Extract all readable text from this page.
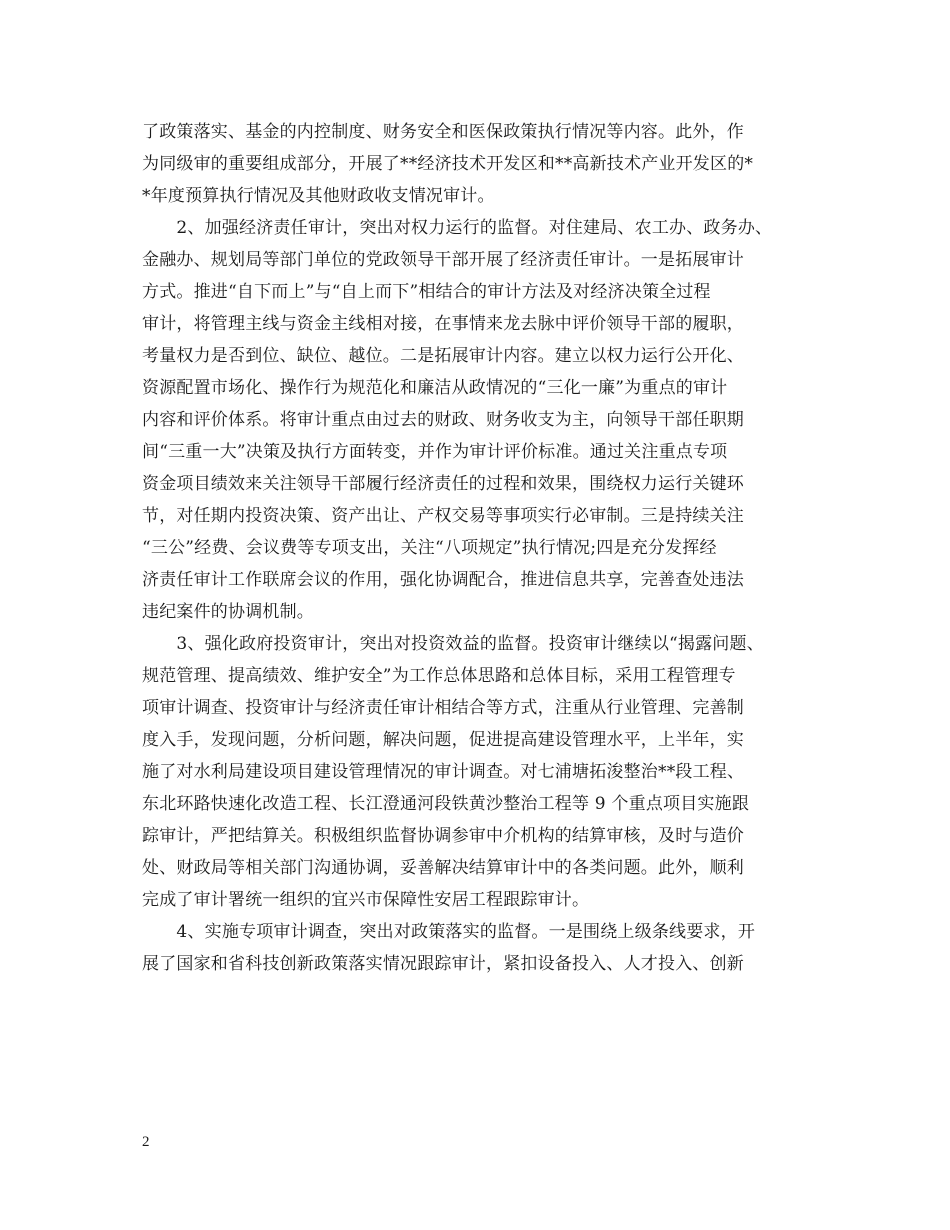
了政策落实、基金的内控制度、财务安全和医保政策执行情况等内容。此外，作
为同级审的重要组成部分，开展了**经济技术开发区和**高新技术产业开发区的*
*年度预算执行情况及其他财政收支情况审计。
　　2、加强经济责任审计，突出对权力运行的监督。对住建局、农工办、政务办、
金融办、规划局等部门单位的党政领导干部开展了经济责任审计。一是拓展审计
方式。推进“自下而上”与“自上而下”相结合的审计方法及对经济决策全过程
审计，将管理主线与资金主线相对接，在事情来龙去脉中评价领导干部的履职，
考量权力是否到位、缺位、越位。二是拓展审计内容。建立以权力运行公开化、
资源配置市场化、操作行为规范化和廉洁从政情况的“三化一廉”为重点的审计
内容和评价体系。将审计重点由过去的财政、财务收支为主，向领导干部任职期
间“三重一大”决策及执行方面转变，并作为审计评价标准。通过关注重点专项
资金项目绩效来关注领导干部履行经济责任的过程和效果，围绕权力运行关键环
节，对任期内投资决策、资产出让、产权交易等事项实行必审制。三是持续关注
“三公”经费、会议费等专项支出，关注“八项规定”执行情况;四是充分发挥经
济责任审计工作联席会议的作用，强化协调配合，推进信息共享，完善查处违法
违纪案件的协调机制。
　　3、强化政府投资审计，突出对投资效益的监督。投资审计继续以“揭露问题、
规范管理、提高绩效、维护安全”为工作总体思路和总体目标，采用工程管理专
项审计调查、投资审计与经济责任审计相结合等方式，注重从行业管理、完善制
度入手，发现问题，分析问题，解决问题，促进提高建设管理水平，上半年，实
施了对水利局建设项目建设管理情况的审计调查。对七浦塘拓浚整治**段工程、
东北环路快速化改造工程、长江澄通河段铁黄沙整治工程等 9 个重点项目实施跟
踪审计，严把结算关。积极组织监督协调参审中介机构的结算审核，及时与造价
处、财政局等相关部门沟通协调，妥善解决结算审计中的各类问题。此外，顺利
完成了审计署统一组织的宜兴市保障性安居工程跟踪审计。
　　4、实施专项审计调查，突出对政策落实的监督。一是围绕上级条线要求，开
展了国家和省科技创新政策落实情况跟踪审计，紧扣设备投入、人才投入、创新
2
